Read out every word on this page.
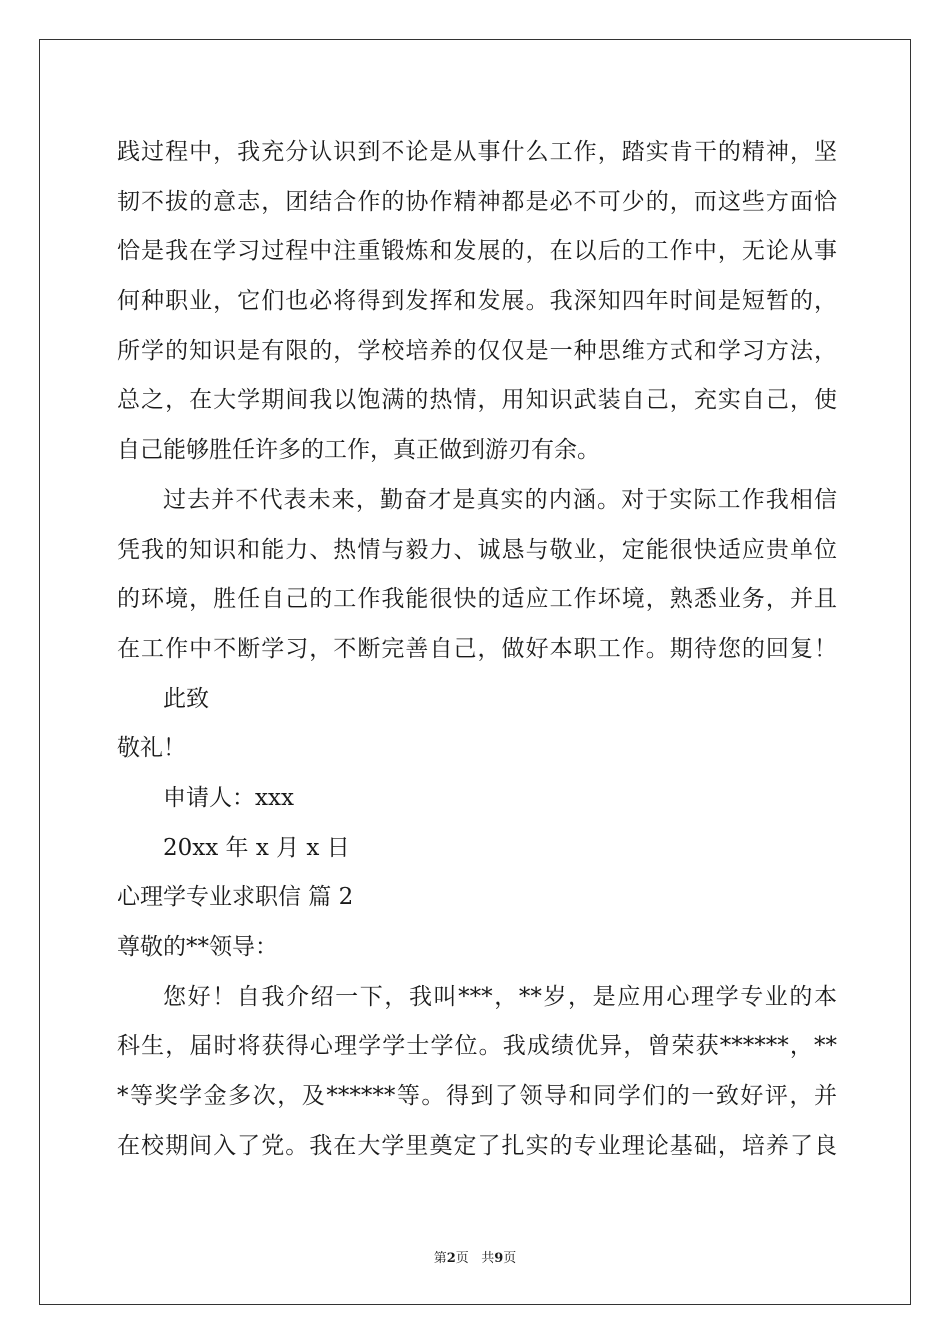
践过程中，我充分认识到不论是从事什么工作，踏实肯干的精神，坚
韧不拔的意志，团结合作的协作精神都是必不可少的，而这些方面恰
恰是我在学习过程中注重锻炼和发展的，在以后的工作中，无论从事
何种职业，它们也必将得到发挥和发展。我深知四年时间是短暂的，
所学的知识是有限的，学校培养的仅仅是一种思维方式和学习方法，
总之，在大学期间我以饱满的热情，用知识武装自己，充实自己，使
自己能够胜任许多的工作，真正做到游刃有余。
过去并不代表未来，勤奋才是真实的内涵。对于实际工作我相信
凭我的知识和能力、热情与毅力、诚恳与敬业，定能很快适应贵单位
的环境，胜任自己的工作我能很快的适应工作坏境，熟悉业务，并且
在工作中不断学习，不断完善自己，做好本职工作。期待您的回复！
此致
敬礼！
申请人：xxx
20xx 年 x 月 x 日
心理学专业求职信 篇 2
尊敬的**领导：
您好！自我介绍一下，我叫***，**岁，是应用心理学专业的本
科生，届时将获得心理学学士学位。我成绩优异，曾荣获******，**
*等奖学金多次，及******等。得到了领导和同学们的一致好评，并
在校期间入了党。我在大学里奠定了扎实的专业理论基础，培养了良
第2页 共9页
